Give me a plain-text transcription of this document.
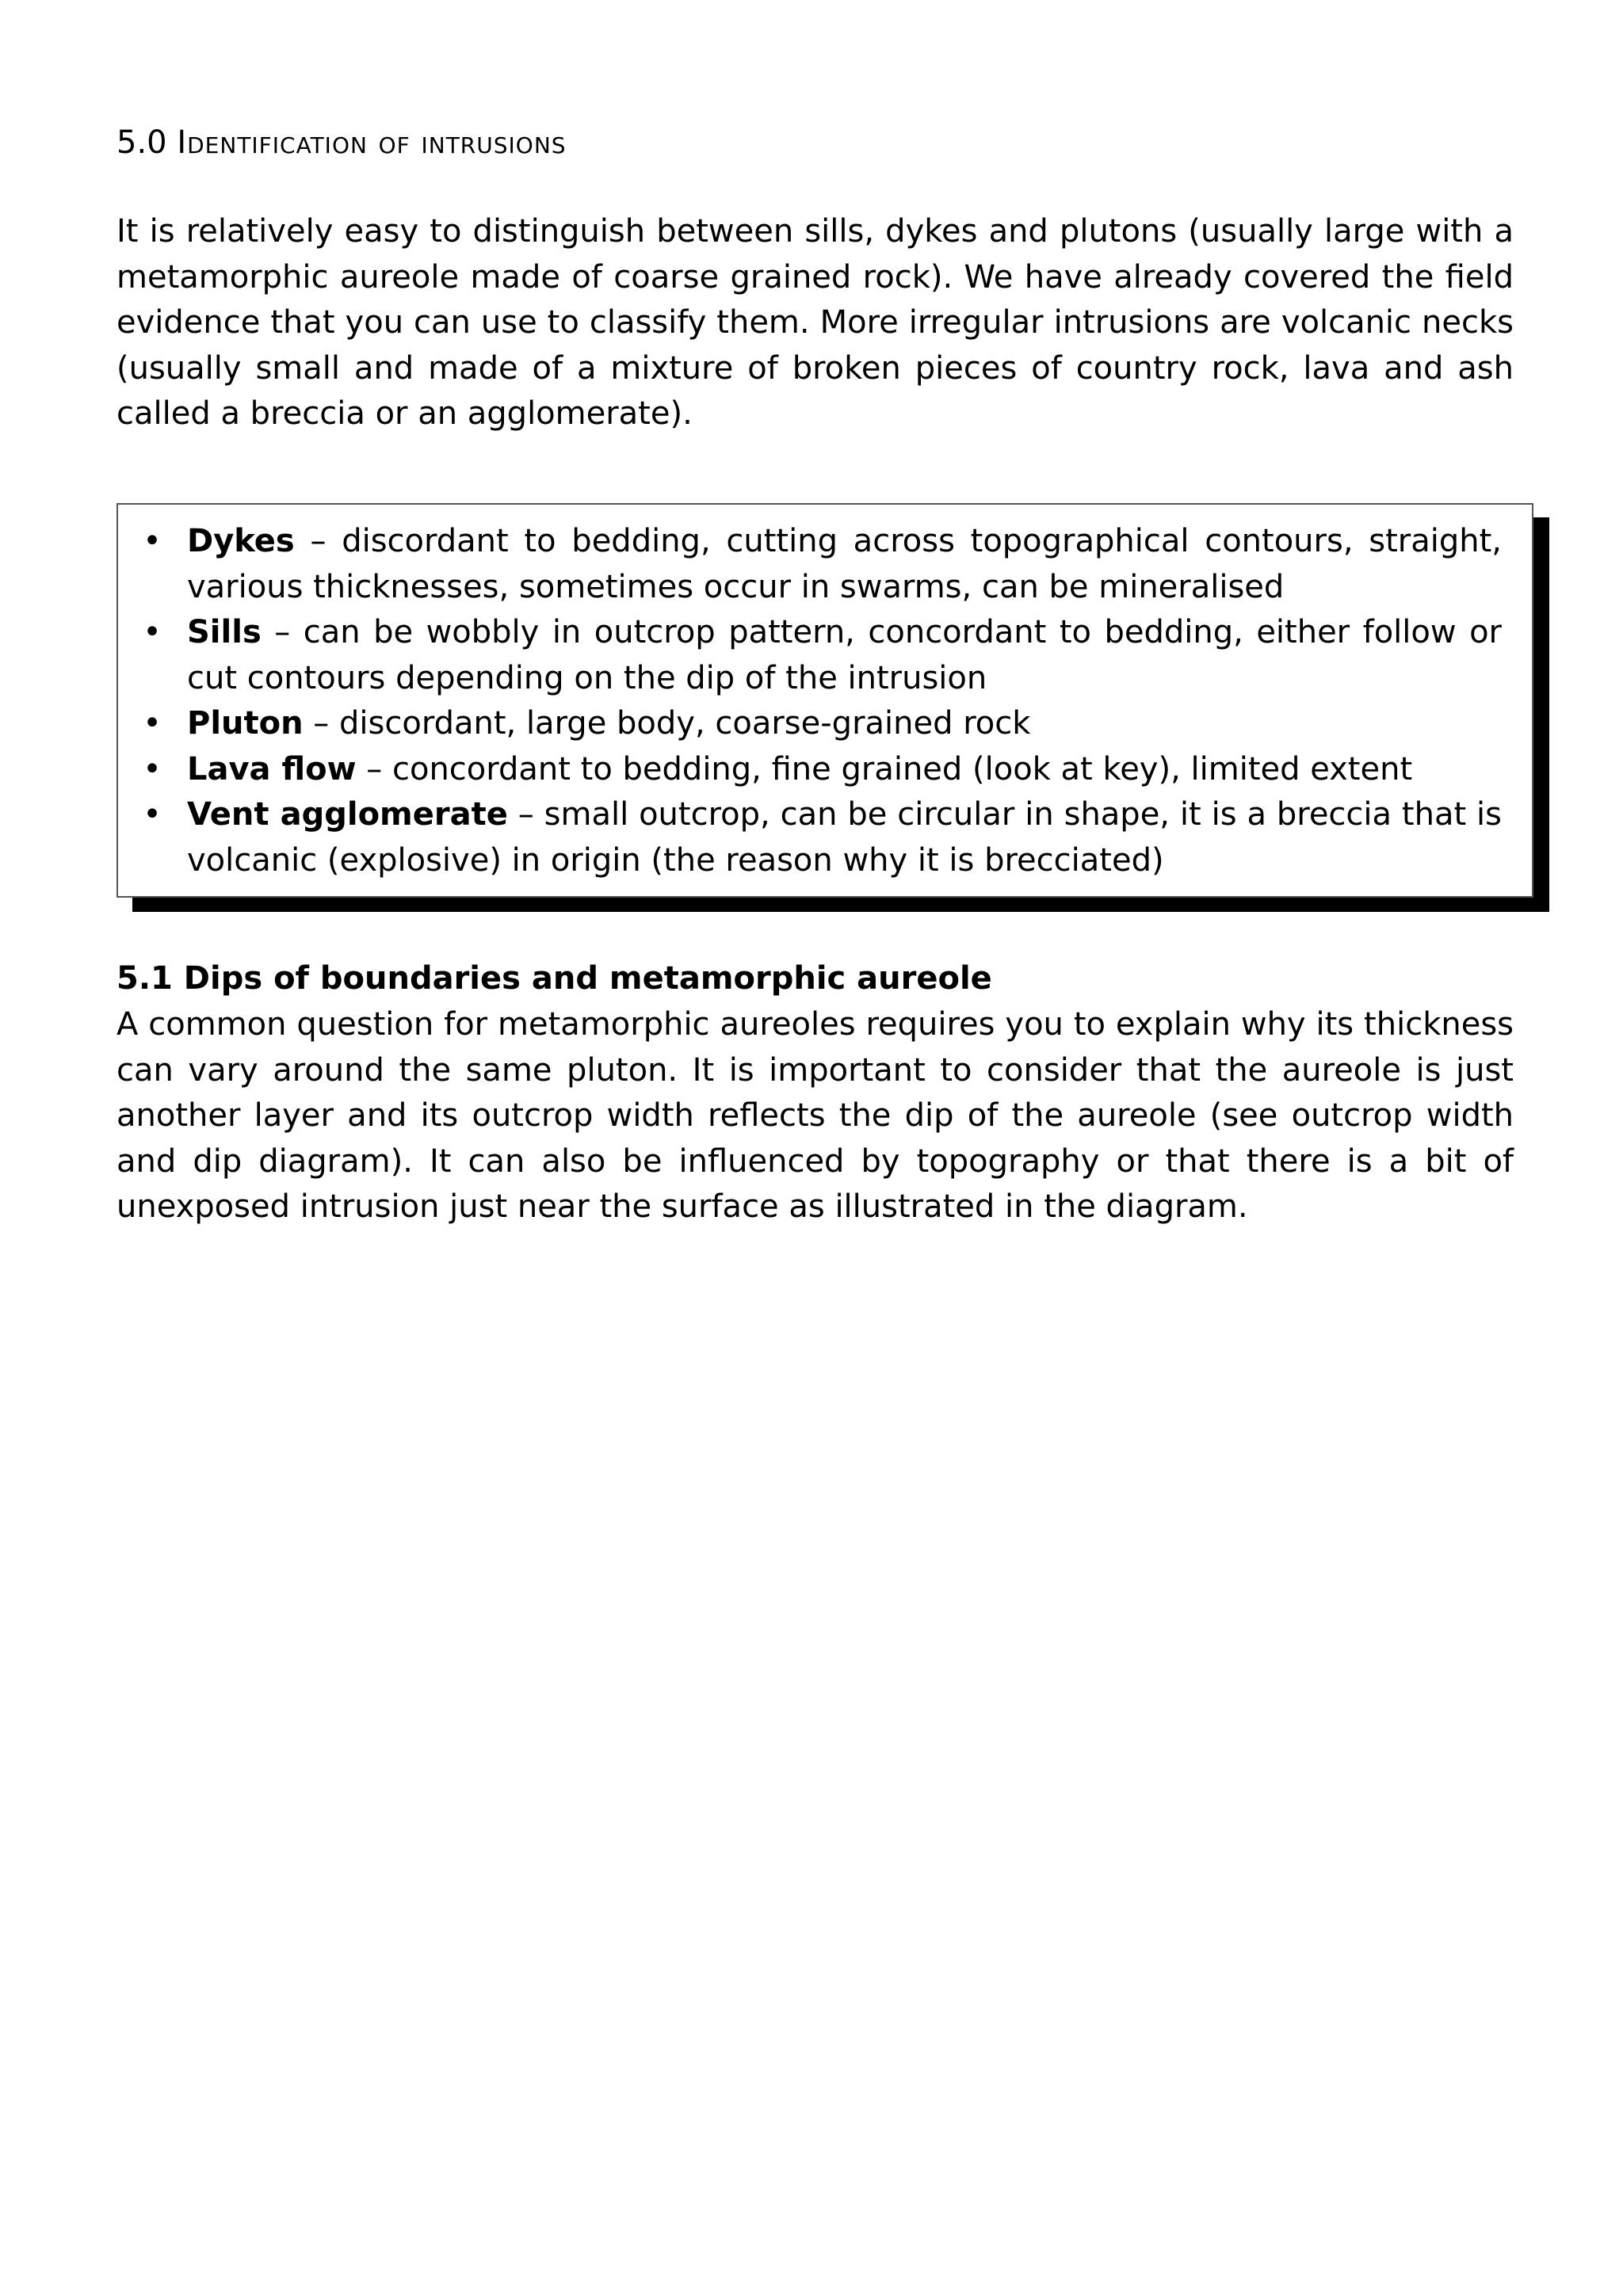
5.0 Identification of intrusions

It is relatively easy to distinguish between sills, dykes and plutons (usually large with a metamorphic aureole made of coarse grained rock). We have already covered the field evidence that you can use to classify them. More irregular intrusions are volcanic necks (usually small and made of a mixture of broken pieces of country rock, lava and ash called a breccia or an agglomerate).

• Dykes – discordant to bedding, cutting across topographical contours, straight, various thicknesses, sometimes occur in swarms, can be mineralised
• Sills – can be wobbly in outcrop pattern, concordant to bedding, either follow or cut contours depending on the dip of the intrusion
• Pluton – discordant, large body, coarse-grained rock
• Lava flow – concordant to bedding, fine grained (look at key), limited extent
• Vent agglomerate – small outcrop, can be circular in shape, it is a breccia that is volcanic (explosive) in origin (the reason why it is brecciated)
5.1 Dips of boundaries and metamorphic aureole

A common question for metamorphic aureoles requires you to explain why its thickness can vary around the same pluton. It is important to consider that the aureole is just another layer and its outcrop width reflects the dip of the aureole (see outcrop width and dip diagram). It can also be influenced by topography or that there is a bit of unexposed intrusion just near the surface as illustrated in the diagram.
